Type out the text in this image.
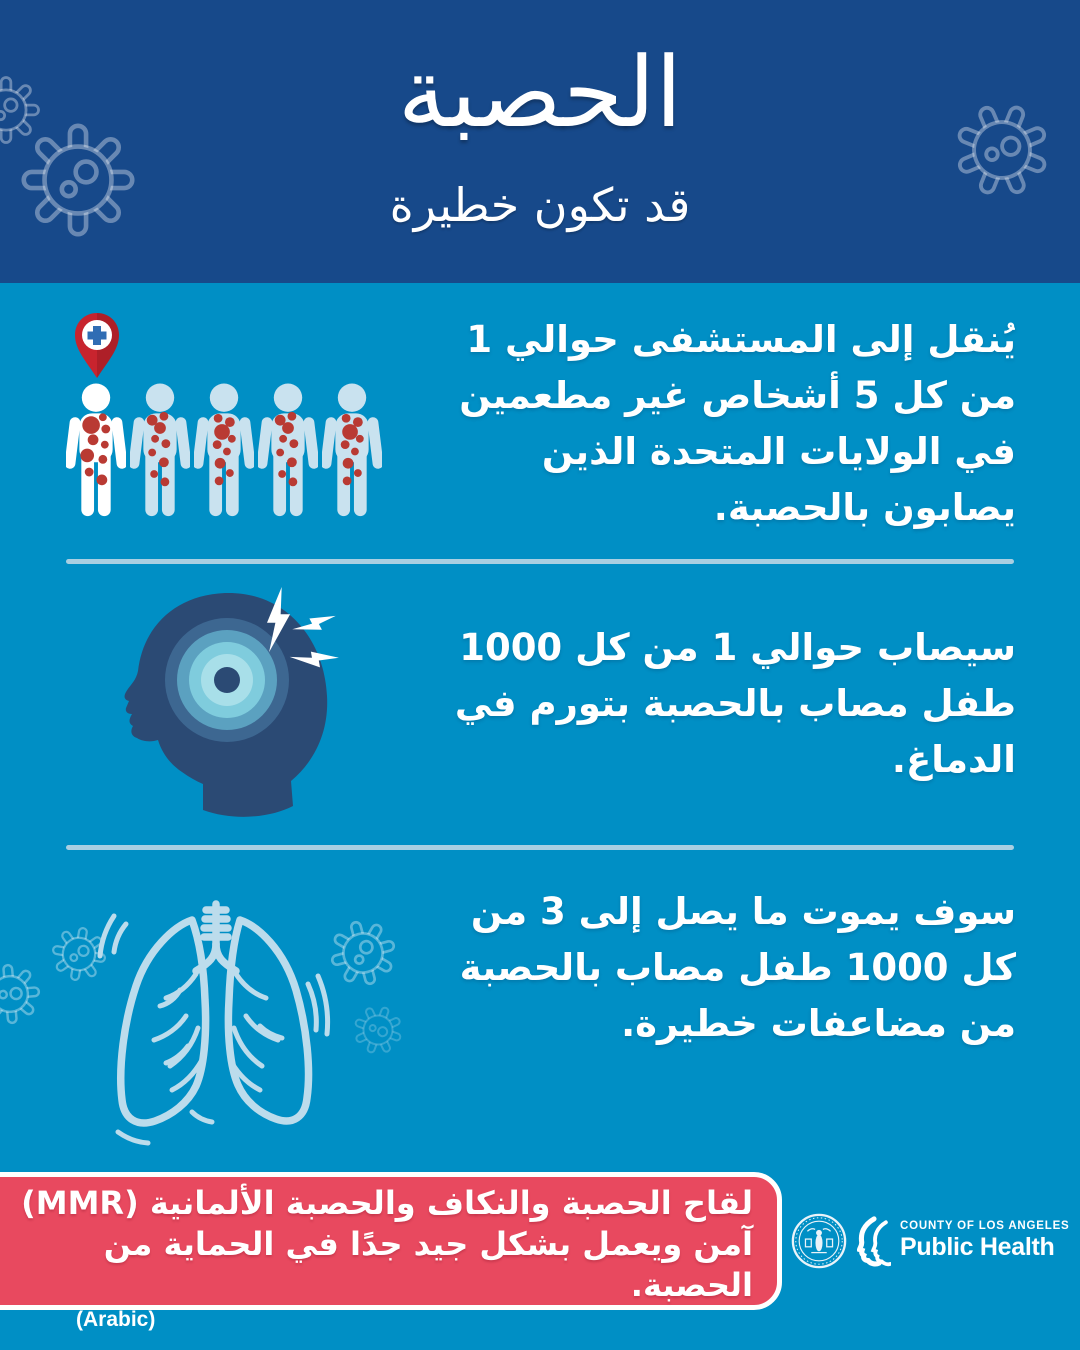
الحصبة
قد تكون خطيرة

يُنقل إلى المستشفى حوالي 1 من كل 5 أشخاص غير مطعمين في الولايات المتحدة الذين يصابون بالحصبة.

سيصاب حوالي 1 من كل 1000 طفل مصاب بالحصبة بتورم في الدماغ.

سوف يموت ما يصل إلى 3 من كل 1000 طفل مصاب بالحصبة من مضاعفات خطيرة.

لقاح الحصبة والنكاف والحصبة الألمانية (MMR) آمن ويعمل بشكل جيد جدًا في الحماية من الحصبة.

(Arabic)
COUNTY OF LOS ANGELES
Public Health
